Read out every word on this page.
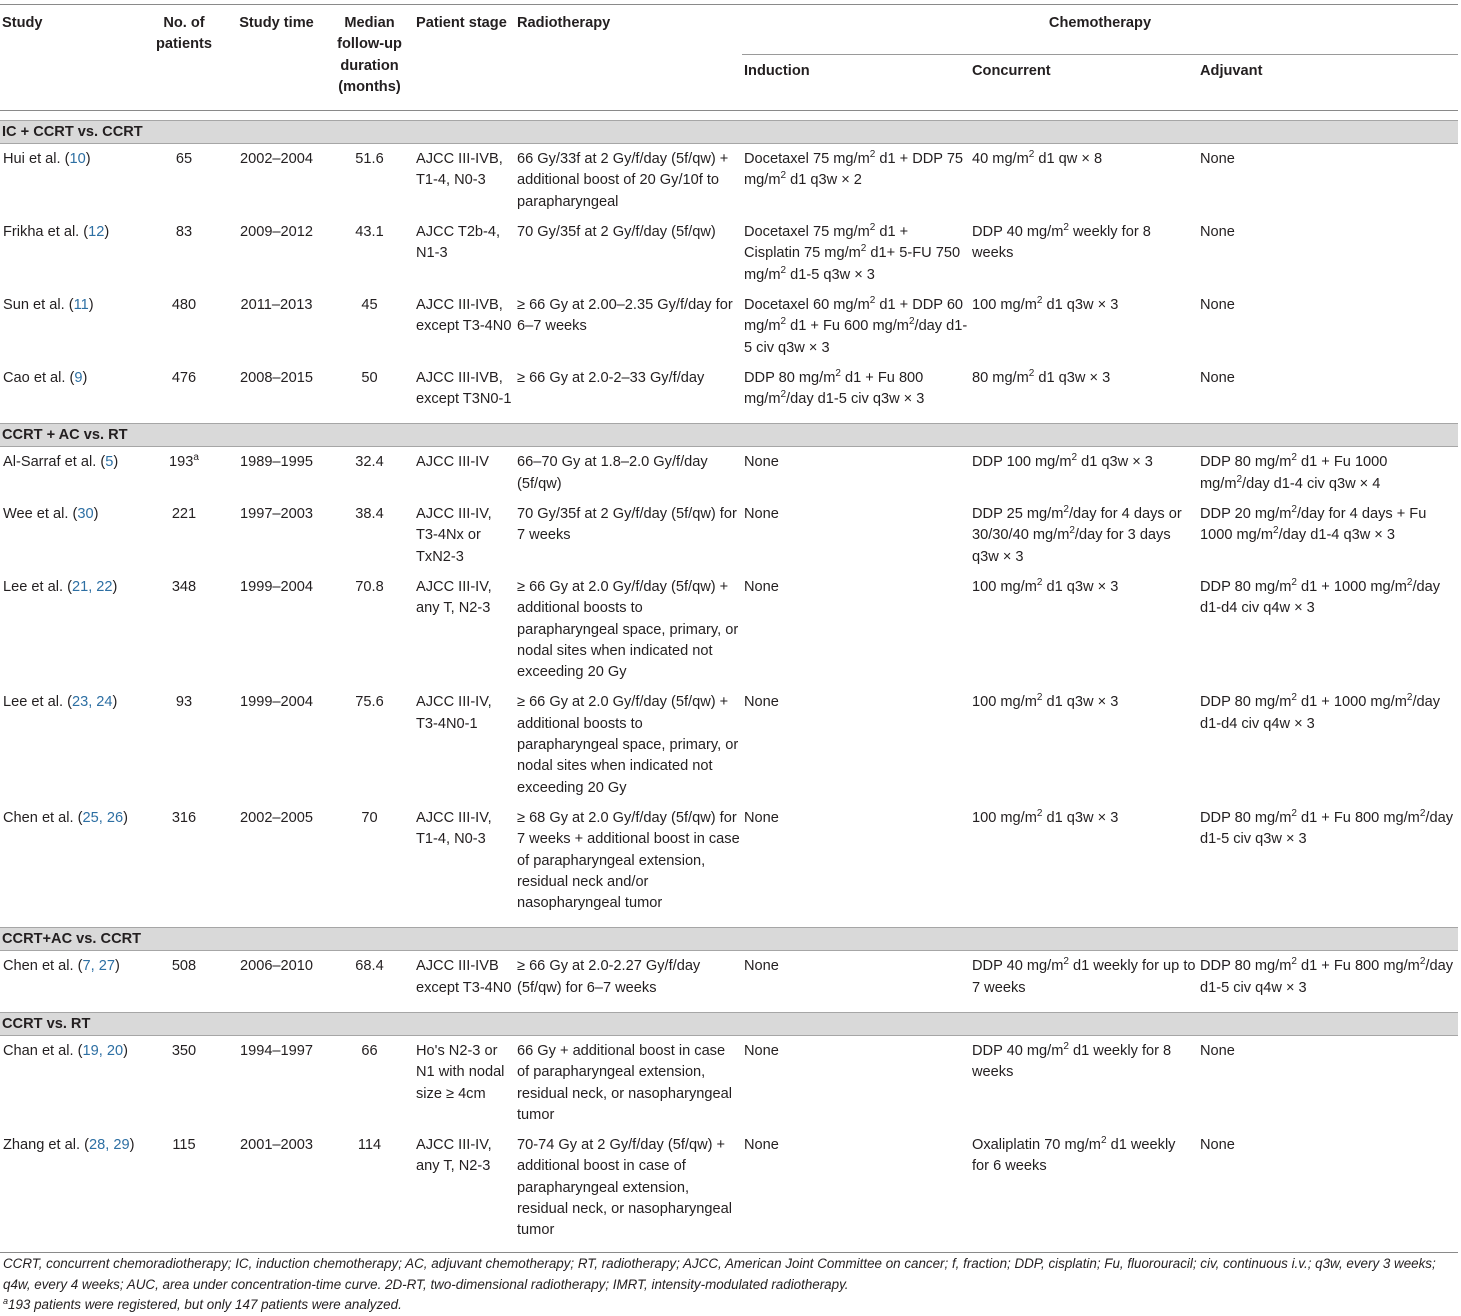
Study	No. of patients	Study time	Median follow-up duration (months)	Patient stage	Radiotherapy	Chemotherapy		
						Induction	Concurrent	Adjuvant

IC + CCRT vs. CCRT								
Hui et al. (10)	65	2002–2004	51.6	AJCC III-IVB, T1-4, N0-3	66 Gy/33f at 2 Gy/f/day (5f/qw) + additional boost of 20 Gy/10f to parapharyngeal	Docetaxel 75 $mg/m^2$ d1 + DDP 75 $mg/m^2$ d1 q3w × 2	40 $mg/m^2$ d1 qw × 8	None
Frikha et al. (12)	83	2009–2012	43.1	AJCC T2b-4, N1-3	70 Gy/35f at 2 Gy/f/day (5f/qw)	Docetaxel 75 $mg/m^2$ d1 + Cisplatin 75 $mg/m^2$ d1+ 5-FU 750 $mg/m^2$ d1-5 q3w × 3	DDP 40 $mg/m^2$ weekly for 8 weeks	None
Sun et al. (11)	480	2011–2013	45	AJCC III-IVB, except T3-4N0	≥ 66 Gy at 2.00–2.35 Gy/f/day for 6–7 weeks	Docetaxel 60 $mg/m^2$ d1 + DDP 60 $mg/m^2$ d1 + Fu 600 $mg/m^2$/day d1-5 civ q3w × 3	100 $mg/m^2$ d1 q3w × 3	None
Cao et al. (9)	476	2008–2015	50	AJCC III-IVB, except T3N0-1	≥ 66 Gy at 2.0-2–33 Gy/f/day	DDP 80 $mg/m^2$ d1 + Fu 800 $mg/m^2$/day d1-5 civ q3w × 3	80 $mg/m^2$ d1 q3w × 3	None

CCRT + AC vs. RT								
Al-Sarraf et al. (5)	193$^a$	1989–1995	32.4	AJCC III-IV	66–70 Gy at 1.8–2.0 Gy/f/day (5f/qw)	None	DDP 100 $mg/m^2$ d1 q3w × 3	DDP 80 $mg/m^2$ d1 + Fu 1000 $mg/m^2$/day d1-4 civ q3w × 4
Wee et al. (30)	221	1997–2003	38.4	AJCC III-IV, T3-4Nx or TxN2-3	70 Gy/35f at 2 Gy/f/day (5f/qw) for 7 weeks	None	DDP 25 $mg/m^2$/day for 4 days or 30/30/40 $mg/m^2$/day for 3 days q3w × 3	DDP 20 $mg/m^2$/day for 4 days + Fu 1000 $mg/m^2$/day d1-4 q3w × 3
Lee et al. (21, 22)	348	1999–2004	70.8	AJCC III-IV, any T, N2-3	≥ 66 Gy at 2.0 Gy/f/day (5f/qw) + additional boosts to parapharyngeal space, primary, or nodal sites when indicated not exceeding 20 Gy	None	100 $mg/m^2$ d1 q3w × 3	DDP 80 $mg/m^2$ d1 + 1000 $mg/m^2$/day d1-d4 civ q4w × 3
Lee et al. (23, 24)	93	1999–2004	75.6	AJCC III-IV, T3-4N0-1	≥ 66 Gy at 2.0 Gy/f/day (5f/qw) + additional boosts to parapharyngeal space, primary, or nodal sites when indicated not exceeding 20 Gy	None	100 $mg/m^2$ d1 q3w × 3	DDP 80 $mg/m^2$ d1 + 1000 $mg/m^2$/day d1-d4 civ q4w × 3
Chen et al. (25, 26)	316	2002–2005	70	AJCC III-IV, T1-4, N0-3	≥ 68 Gy at 2.0 Gy/f/day (5f/qw) for 7 weeks + additional boost in case of parapharyngeal extension, residual neck and/or nasopharyngeal tumor	None	100 $mg/m^2$ d1 q3w × 3	DDP 80 $mg/m^2$ d1 + Fu 800 $mg/m^2$/day d1-5 civ q3w × 3

CCRT+AC vs. CCRT								
Chen et al. (7, 27)	508	2006–2010	68.4	AJCC III-IVB except T3-4N0	≥ 66 Gy at 2.0-2.27 Gy/f/day (5f/qw) for 6–7 weeks	None	DDP 40 $mg/m^2$ d1 weekly for up to 7 weeks	DDP 80 $mg/m^2$ d1 + Fu 800 $mg/m^2$/day d1-5 civ q4w × 3

CCRT vs. RT								
Chan et al. (19, 20)	350	1994–1997	66	Ho's N2-3 or N1 with nodal size ≥ 4cm	66 Gy + additional boost in case of parapharyngeal extension, residual neck, or nasopharyngeal tumor	None	DDP 40 $mg/m^2$ d1 weekly for 8 weeks	None
Zhang et al. (28, 29)	115	2001–2003	114	AJCC III-IV, any T, N2-3	70-74 Gy at 2 Gy/f/day (5f/qw) + additional boost in case of parapharyngeal extension, residual neck, or nasopharyngeal tumor	None	Oxaliplatin 70 $mg/m^2$ d1 weekly for 6 weeks	None

CCRT, concurrent chemoradiotherapy; IC, induction chemotherapy; AC, adjuvant chemotherapy; RT, radiotherapy; AJCC, American Joint Committee on cancer; f, fraction; DDP, cisplatin; Fu, fluorouracil; civ, continuous i.v.; q3w, every 3 weeks; q4w, every 4 weeks; AUC, area under concentration-time curve. 2D-RT, two-dimensional radiotherapy; IMRT, intensity-modulated radiotherapy.

$^a$193 patients were registered, but only 147 patients were analyzed.
